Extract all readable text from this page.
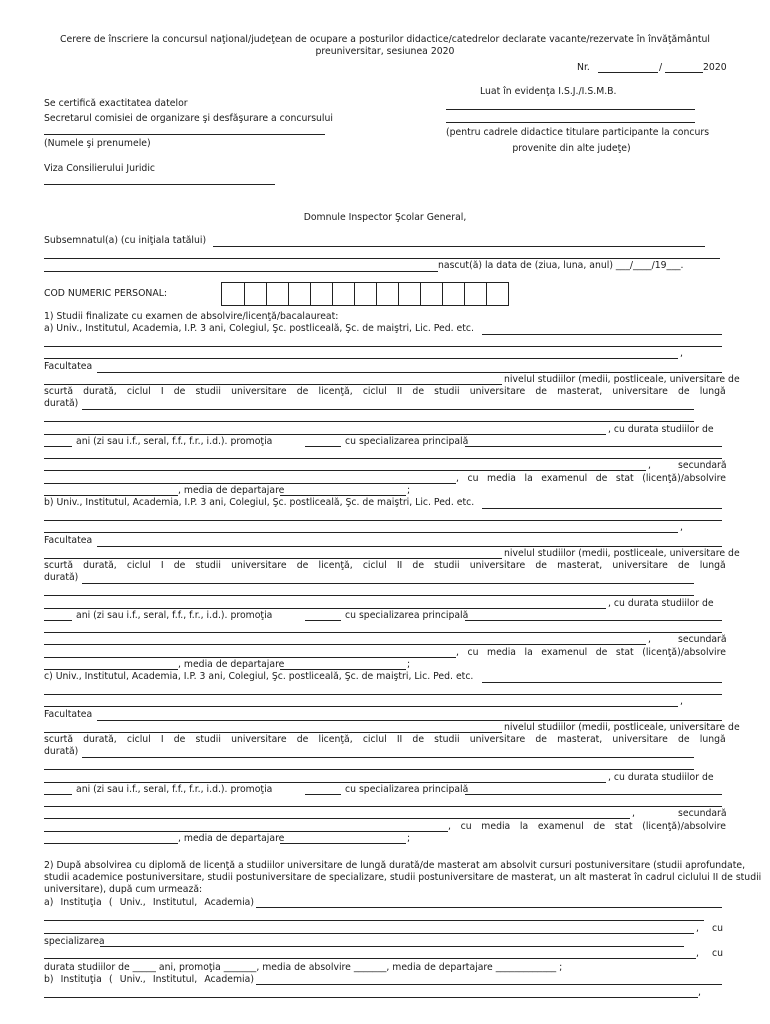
Cerere de înscriere la concursul naţional/judeţean de ocupare a posturilor didactice/catedrelor declarate vacante/rezervate în învăţământul
preuniversitar, sesiunea 2020
Nr.	/	2020
Luat în evidenţa I.S.J./I.S.M.B.
(pentru cadrele didactice titulare participante la concurs
provenite din alte judeţe)
Se certifică exactitatea datelor
Secretarul comisiei de organizare şi desfăşurare a concursului
(Numele şi prenumele)
Viza Consilierului Juridic
Domnule Inspector Şcolar General,
Subsemnatul(a) (cu iniţiala tatălui)
nascut(ă) la data de (ziua, luna, anul) ___/____/19___.
COD NUMERIC PERSONAL:
1) Studii finalizate cu examen de absolvire/licenţă/bacalaureat:
a) Univ., Institutul, Academia, I.P. 3 ani, Colegiul, Şc. postliceală, Şc. de maiştri, Lic. Ped. etc.
,
Facultatea
nivelul studiilor (medii, postliceale, universitare de
scurtă durată, ciclul I de studii universitare de licenţă, ciclul II de studii universitare de masterat, universitare de lungă
durată)
, cu durata studiilor de
ani (zi sau i.f., seral, f.f., f.r., i.d.). promoţia	cu specializarea principală
,	secundară
, cu media la examenul de stat (licenţă)/absolvire
, media de departajare	;
b) Univ., Institutul, Academia, I.P. 3 ani, Colegiul, Şc. postliceală, Şc. de maiştri, Lic. Ped. etc.
,
Facultatea
nivelul studiilor (medii, postliceale, universitare de
scurtă durată, ciclul I de studii universitare de licenţă, ciclul II de studii universitare de masterat, universitare de lungă
durată)
, cu durata studiilor de
ani (zi sau i.f., seral, f.f., f.r., i.d.). promoţia	cu specializarea principală
,	secundară
, cu media la examenul de stat (licenţă)/absolvire
, media de departajare	;
c) Univ., Institutul, Academia, I.P. 3 ani, Colegiul, Şc. postliceală, Şc. de maiştri, Lic. Ped. etc.
,
Facultatea
nivelul studiilor (medii, postliceale, universitare de
scurtă durată, ciclul I de studii universitare de licenţă, ciclul II de studii universitare de masterat, universitare de lungă
durată)
, cu durata studiilor de
ani (zi sau i.f., seral, f.f., f.r., i.d.). promoţia	cu specializarea principală
,	secundară
, cu media la examenul de stat (licenţă)/absolvire
, media de departajare	;
2) După absolvirea cu diplomă de licenţă a studiilor universitare de lungă durată/de masterat am absolvit cursuri postuniversitare (studii aprofundate,
studii academice postuniversitare, studii postuniversitare de specializare, studii postuniversitare de masterat, un alt masterat în cadrul ciclului II de studii
universitare), după cum urmează:
a) Instituţia ( Univ., Institutul, Academia)
, cu
specializarea
, cu
durata studiilor de _____ ani, promoţia _______, media de absolvire _______, media de departajare _____________ ;
b) Instituţia ( Univ., Institutul, Academia)
,
